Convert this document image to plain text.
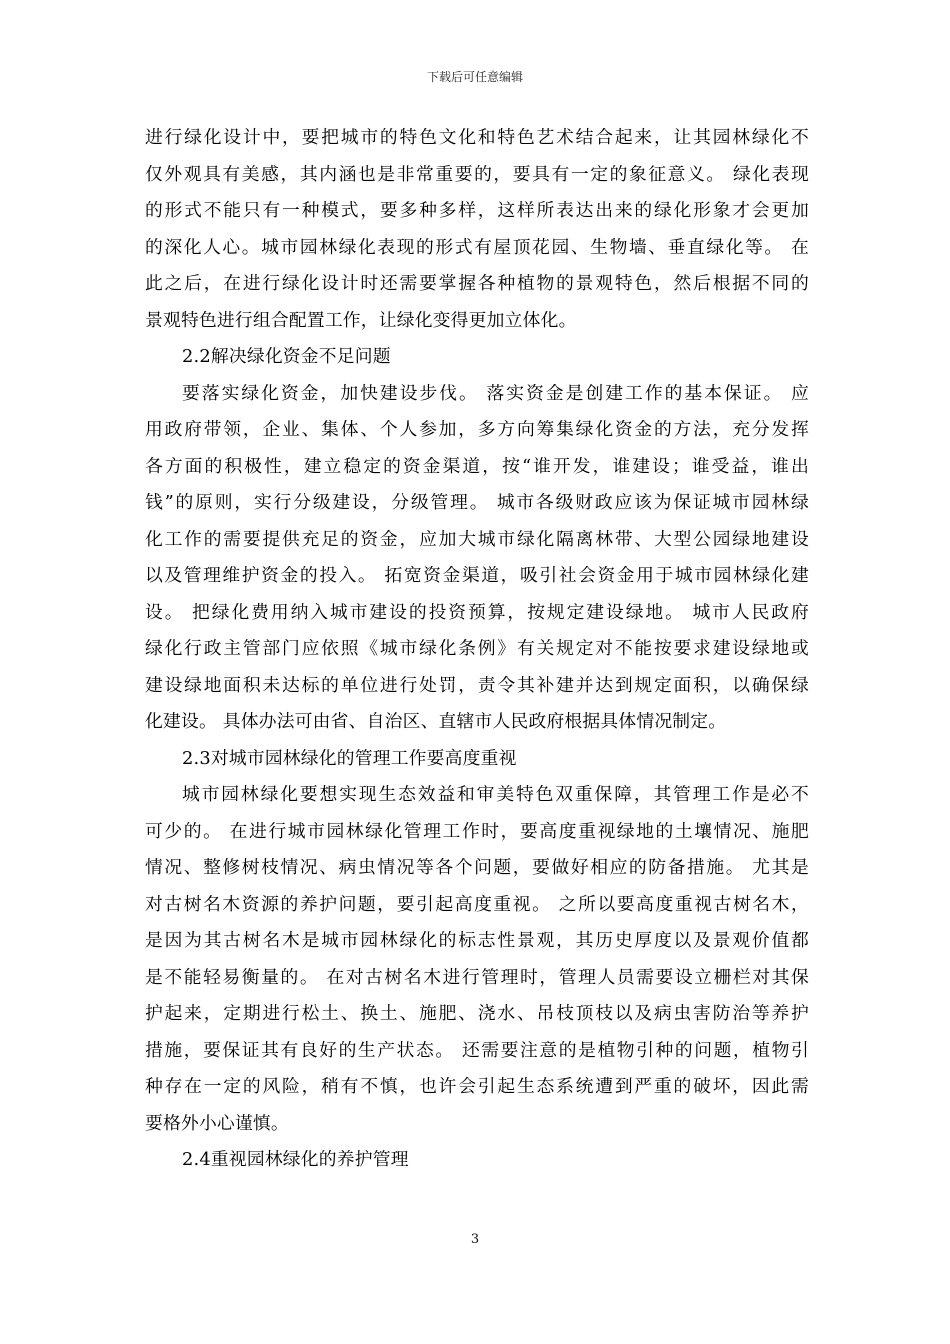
下载后可任意编辑
进行绿化设计中，要把城市的特色文化和特色艺术结合起来，让其园林绿化不
仅外观具有美感，其内涵也是非常重要的，要具有一定的象征意义。 绿化表现
的形式不能只有一种模式，要多种多样，这样所表达出来的绿化形象才会更加
的深化人心。城市园林绿化表现的形式有屋顶花园、生物墙、垂直绿化等。 在
此之后，在进行绿化设计时还需要掌握各种植物的景观特色，然后根据不同的
景观特色进行组合配置工作，让绿化变得更加立体化。
2.2解决绿化资金不足问题
要落实绿化资金，加快建设步伐。 落实资金是创建工作的基本保证。 应
用政府带领，企业、集体、个人参加，多方向筹集绿化资金的方法，充分发挥
各方面的积极性，建立稳定的资金渠道，按“谁开发，谁建设；谁受益，谁出
钱”的原则，实行分级建设，分级管理。 城市各级财政应该为保证城市园林绿
化工作的需要提供充足的资金，应加大城市绿化隔离林带、大型公园绿地建设
以及管理维护资金的投入。 拓宽资金渠道，吸引社会资金用于城市园林绿化建
设。 把绿化费用纳入城市建设的投资预算，按规定建设绿地。 城市人民政府
绿化行政主管部门应依照《城市绿化条例》有关规定对不能按要求建设绿地或
建设绿地面积未达标的单位进行处罚，责令其补建并达到规定面积，以确保绿
化建设。 具体办法可由省、自治区、直辖市人民政府根据具体情况制定。
2.3对城市园林绿化的管理工作要高度重视
城市园林绿化要想实现生态效益和审美特色双重保障，其管理工作是必不
可少的。 在进行城市园林绿化管理工作时，要高度重视绿地的土壤情况、施肥
情况、整修树枝情况、病虫情况等各个问题，要做好相应的防备措施。 尤其是
对古树名木资源的养护问题，要引起高度重视。 之所以要高度重视古树名木，
是因为其古树名木是城市园林绿化的标志性景观，其历史厚度以及景观价值都
是不能轻易衡量的。 在对古树名木进行管理时，管理人员需要设立栅栏对其保
护起来，定期进行松土、换土、施肥、浇水、吊枝顶枝以及病虫害防治等养护
措施，要保证其有良好的生产状态。 还需要注意的是植物引种的问题，植物引
种存在一定的风险，稍有不慎，也许会引起生态系统遭到严重的破坏，因此需
要格外小心谨慎。
2.4重视园林绿化的养护管理
3
